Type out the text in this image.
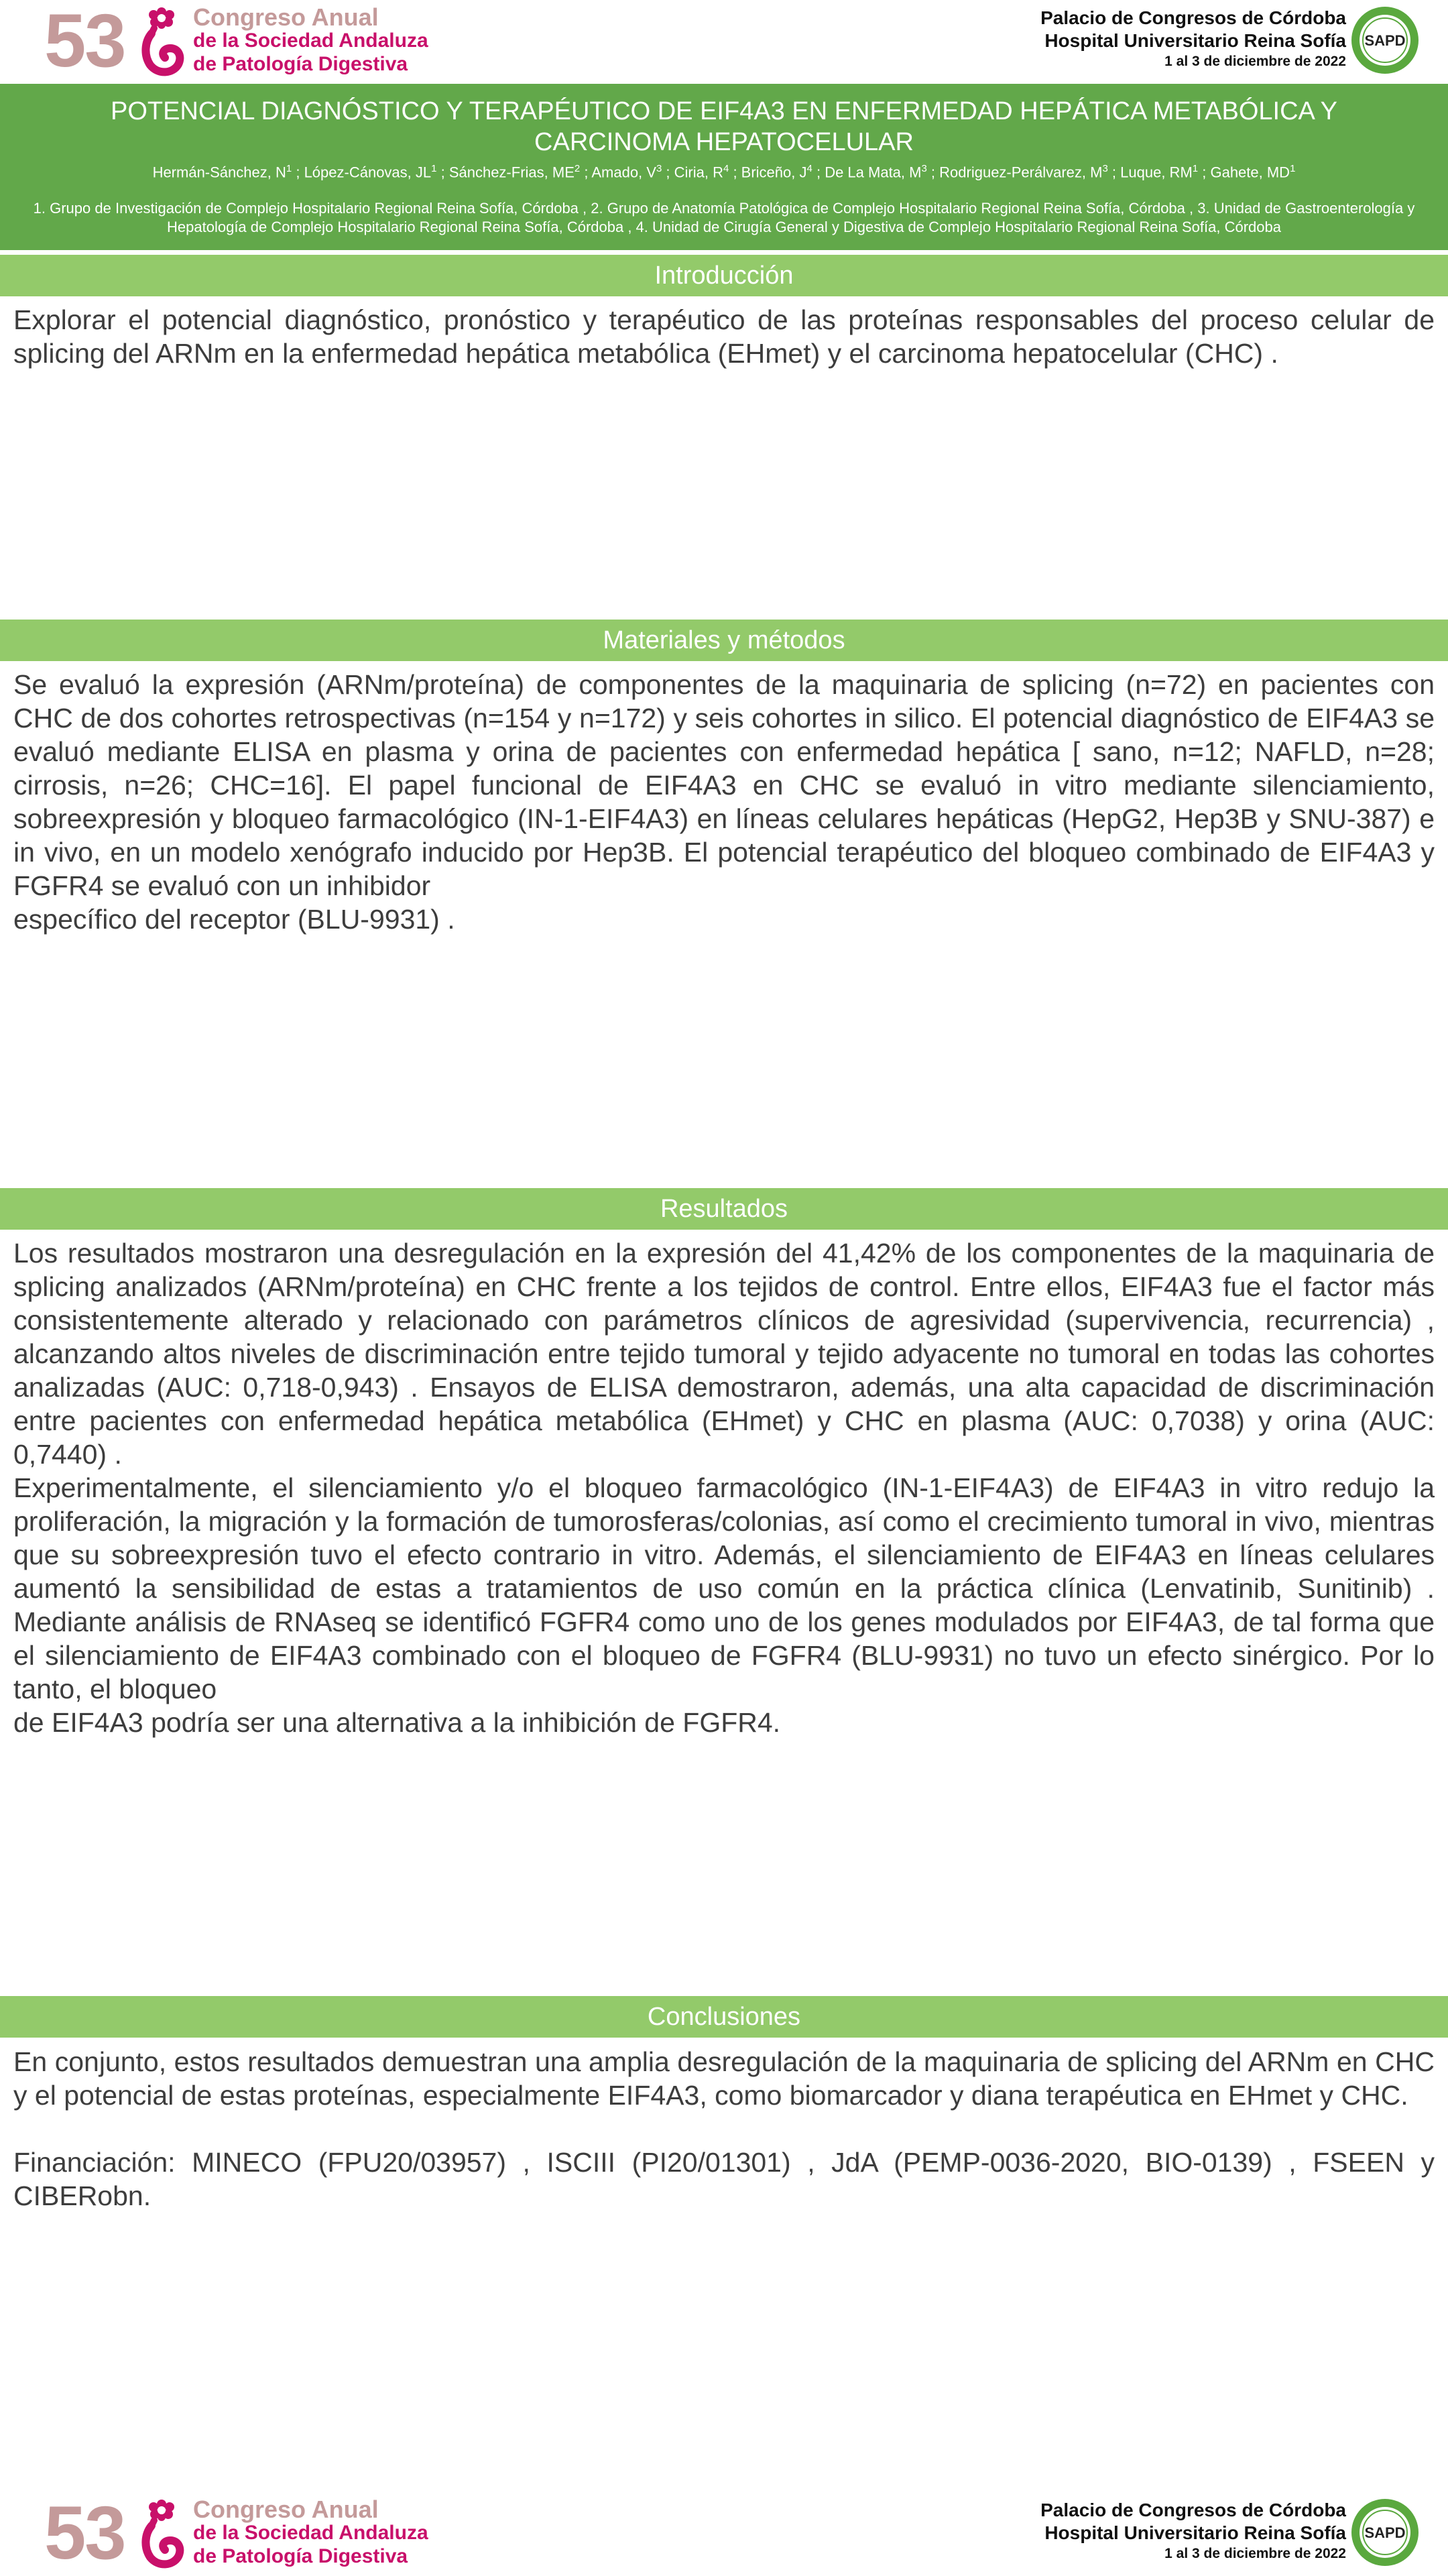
53	Congreso Anual
de la Sociedad Andaluza
de Patología Digestiva
Palacio de Congresos de Córdoba
Hospital Universitario Reina Sofía
1 al 3 de diciembre de 2022
SAPD
POTENCIAL DIAGNÓSTICO Y TERAPÉUTICO DE EIF4A3 EN ENFERMEDAD HEPÁTICA METABÓLICA Y CARCINOMA HEPATOCELULAR
Hermán-Sánchez, $N^1$ ; López-Cánovas, $JL^1$ ; Sánchez-Frias, $ME^2$ ; Amado, $V^3$ ; Ciria, $R^4$ ; Briceño, $J^4$ ; De La Mata, $M^3$ ; Rodriguez-Perálvarez, $M^3$ ; Luque, $RM^1$ ; Gahete, $MD^1$
1. Grupo de Investigación de Complejo Hospitalario Regional Reina Sofía, Córdoba , 2. Grupo de Anatomía Patológica de Complejo Hospitalario Regional Reina Sofía, Córdoba , 3. Unidad de Gastroenterología y Hepatología de Complejo Hospitalario Regional Reina Sofía, Córdoba , 4. Unidad de Cirugía General y Digestiva de Complejo Hospitalario Regional Reina Sofía, Córdoba
Introducción

Explorar el potencial diagnóstico, pronóstico y terapéutico de las proteínas responsables del proceso celular de splicing del ARNm en la enfermedad hepática metabólica (EHmet) y el carcinoma hepatocelular (CHC) .

Materiales y métodos

Se evaluó la expresión (ARNm/proteína) de componentes de la maquinaria de splicing (n=72) en pacientes con CHC de dos cohortes retrospectivas (n=154 y n=172) y seis cohortes in silico. El potencial diagnóstico de EIF4A3 se evaluó mediante ELISA en plasma y orina de pacientes con enfermedad hepática [ sano, n=12; NAFLD, n=28; cirrosis, n=26; CHC=16]. El papel funcional de EIF4A3 en CHC se evaluó in vitro mediante silenciamiento, sobreexpresión y bloqueo farmacológico (IN-1-EIF4A3) en líneas celulares hepáticas (HepG2, Hep3B y SNU-387) e in vivo, en un modelo xenógrafo inducido por Hep3B. El potencial terapéutico del bloqueo combinado de EIF4A3 y FGFR4 se evaluó con un inhibidor

específico del receptor (BLU-9931) .

Resultados

Los resultados mostraron una desregulación en la expresión del 41,42% de los componentes de la maquinaria de splicing analizados (ARNm/proteína) en CHC frente a los tejidos de control. Entre ellos, EIF4A3 fue el factor más consistentemente alterado y relacionado con parámetros clínicos de agresividad (supervivencia, recurrencia) , alcanzando altos niveles de discriminación entre tejido tumoral y tejido adyacente no tumoral en todas las cohortes analizadas (AUC: 0,718-0,943) . Ensayos de ELISA demostraron, además, una alta capacidad de discriminación entre pacientes con enfermedad hepática metabólica (EHmet) y CHC en plasma (AUC: 0,7038) y orina (AUC: 0,7440) .

Experimentalmente, el silenciamiento y/o el bloqueo farmacológico (IN-1-EIF4A3) de EIF4A3 in vitro redujo la proliferación, la migración y la formación de tumorosferas/colonias, así como el crecimiento tumoral in vivo, mientras que su sobreexpresión tuvo el efecto contrario in vitro. Además, el silenciamiento de EIF4A3 en líneas celulares aumentó la sensibilidad de estas a tratamientos de uso común en la práctica clínica (Lenvatinib, Sunitinib) . Mediante análisis de RNAseq se identificó FGFR4 como uno de los genes modulados por EIF4A3, de tal forma que el silenciamiento de EIF4A3 combinado con el bloqueo de FGFR4 (BLU-9931) no tuvo un efecto sinérgico. Por lo tanto, el bloqueo

de EIF4A3 podría ser una alternativa a la inhibición de FGFR4.

Conclusiones

En conjunto, estos resultados demuestran una amplia desregulación de la maquinaria de splicing del ARNm en CHC y el potencial de estas proteínas, especialmente EIF4A3, como biomarcador y diana terapéutica en EHmet y CHC.

Financiación: MINECO (FPU20/03957) , ISCIII (PI20/01301) , JdA (PEMP-0036-2020, BIO-0139) , FSEEN y CIBERobn.

53	Congreso Anual
de la Sociedad Andaluza
de Patología Digestiva
Palacio de Congresos de Córdoba
Hospital Universitario Reina Sofía
1 al 3 de diciembre de 2022
SAPD
